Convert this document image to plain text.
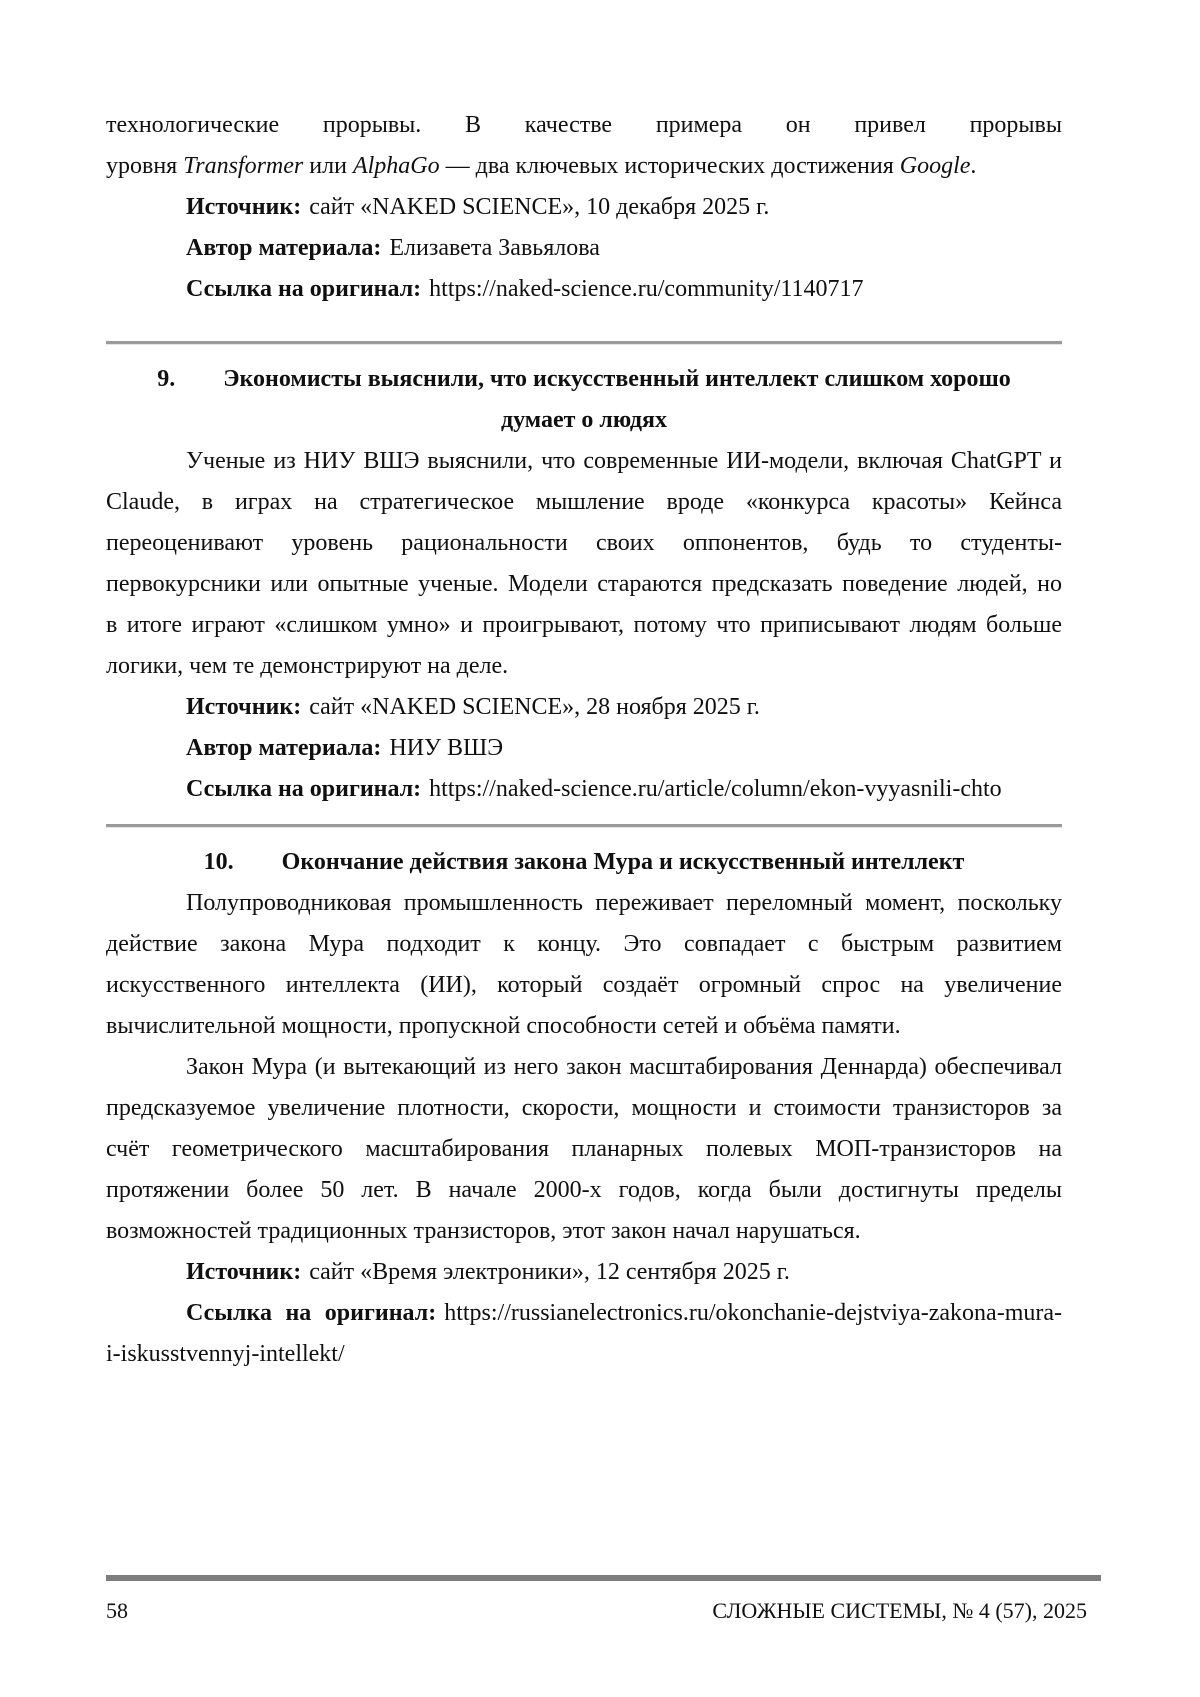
технологические прорывы. В качестве примера он привел прорывы
уровня Transformer или AlphaGo — два ключевых исторических достижения Google.
Источник: сайт «NAKED SCIENCE», 10 декабря 2025 г.
Автор материала: Елизавета Завьялова
Ссылка на оригинал: https://naked-science.ru/community/1140717
9. Экономисты выяснили, что искусственный интеллект слишком хорошо
думает о людях
Ученые из НИУ ВШЭ выяснили, что современные ИИ-модели, включая ChatGPT и
Claude, в играх на стратегическое мышление вроде «конкурса красоты» Кейнса
переоценивают уровень рациональности своих оппонентов, будь то студенты-
первокурсники или опытные ученые. Модели стараются предсказать поведение людей, но
в итоге играют «слишком умно» и проигрывают, потому что приписывают людям больше
логики, чем те демонстрируют на деле.
Источник: сайт «NAKED SCIENCE», 28 ноября 2025 г.
Автор материала: НИУ ВШЭ
Ссылка на оригинал: https://naked-science.ru/article/column/ekon-vyyasnili-chto
10. Окончание действия закона Мура и искусственный интеллект
Полупроводниковая промышленность переживает переломный момент, поскольку
действие закона Мура подходит к концу. Это совпадает с быстрым развитием
искусственного интеллекта (ИИ), который создаёт огромный спрос на увеличение
вычислительной мощности, пропускной способности сетей и объёма памяти.
Закон Мура (и вытекающий из него закон масштабирования Деннарда) обеспечивал
предсказуемое увеличение плотности, скорости, мощности и стоимости транзисторов за
счёт геометрического масштабирования планарных полевых МОП-транзисторов на
протяжении более 50 лет. В начале 2000-х годов, когда были достигнуты пределы
возможностей традиционных транзисторов, этот закон начал нарушаться.
Источник: сайт «Время электроники», 12 сентября 2025 г.
Ссылка на оригинал: https://russianelectronics.ru/okonchanie-dejstviya-zakona-mura-
i-iskusstvennyj-intellekt/
58	СЛОЖНЫЕ СИСТЕМЫ, № 4 (57), 2025
